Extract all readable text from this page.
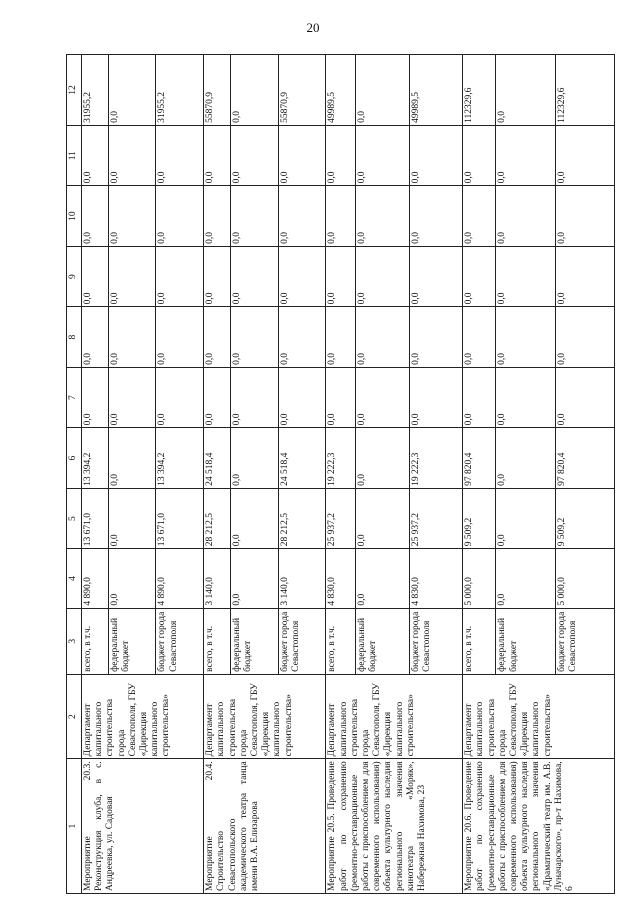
20
1	2	3	4	5	6	7	8	9	10	11	12
Мероприятие 20.3. Реконструкция клуба, в с. Андреевка, ул. Садовая	Департамент капитального строительства города Севастополя, ГБУ «Дирекция капитального строительства»	всего, в т.ч.	4 890,0	13 671,0	13 394,2	0,0	0,0	0,0	0,0	0,0	31955,2
		федеральный бюджет	0,0	0,0	0,0	0,0	0,0	0,0	0,0	0,0	0,0
		бюджет города Севастополя	4 890,0	13 671,0	13 394,2	0,0	0,0	0,0	0,0	0,0	31955,2
Мероприятие 20.4. Строительство Севастопольского академического театра танца имени В.А. Елизарова	Департамент капитального строительства города Севастополя, ГБУ «Дирекция капитального строительства»	всего, в т.ч.	3 140,0	28 212,5	24 518,4	0,0	0,0	0,0	0,0	0,0	55870,9
		федеральный бюджет	0,0	0,0	0,0	0,0	0,0	0,0	0,0	0,0	0,0
		бюджет города Севастополя	3 140,0	28 212,5	24 518,4	0,0	0,0	0,0	0,0	0,0	55870,9
Мероприятие 20.5. Проведение работ по сохранению (ремонтно-реставрационные работы с приспособлением для современного использования) объекта культурного наследия регионального значения кинотеатра «Моряк», Набережная Нахимова, 23	Департамент капитального строительства города Севастополя, ГБУ «Дирекция капитального строительства»	всего, в т.ч.	4 830,0	25 937,2	19 222,3	0,0	0,0	0,0	0,0	0,0	49989,5
		федеральный бюджет	0,0	0,0	0,0	0,0	0,0	0,0	0,0	0,0	0,0
		бюджет города Севастополя	4 830,0	25 937,2	19 222,3	0,0	0,0	0,0	0,0	0,0	49989,5
Мероприятие 20.6. Проведение работ по сохранению (ремонтно-реставрационные работы с приспособлением для современного использования) объекта культурного наследия регионального значения «Драматический театр им. А.В. Луначарского», пр-т Нахимова, 6	Департамент капитального строительства города Севастополя, ГБУ «Дирекция капитального строительства»	всего, в т.ч.	5 000,0	9 509,2	97 820,4	0,0	0,0	0,0	0,0	0,0	112329,6
		федеральный бюджет	0,0	0,0	0,0	0,0	0,0	0,0	0,0	0,0	0,0
		бюджет города Севастополя	5 000,0	9 509,2	97 820,4	0,0	0,0	0,0	0,0	0,0	112329,6
